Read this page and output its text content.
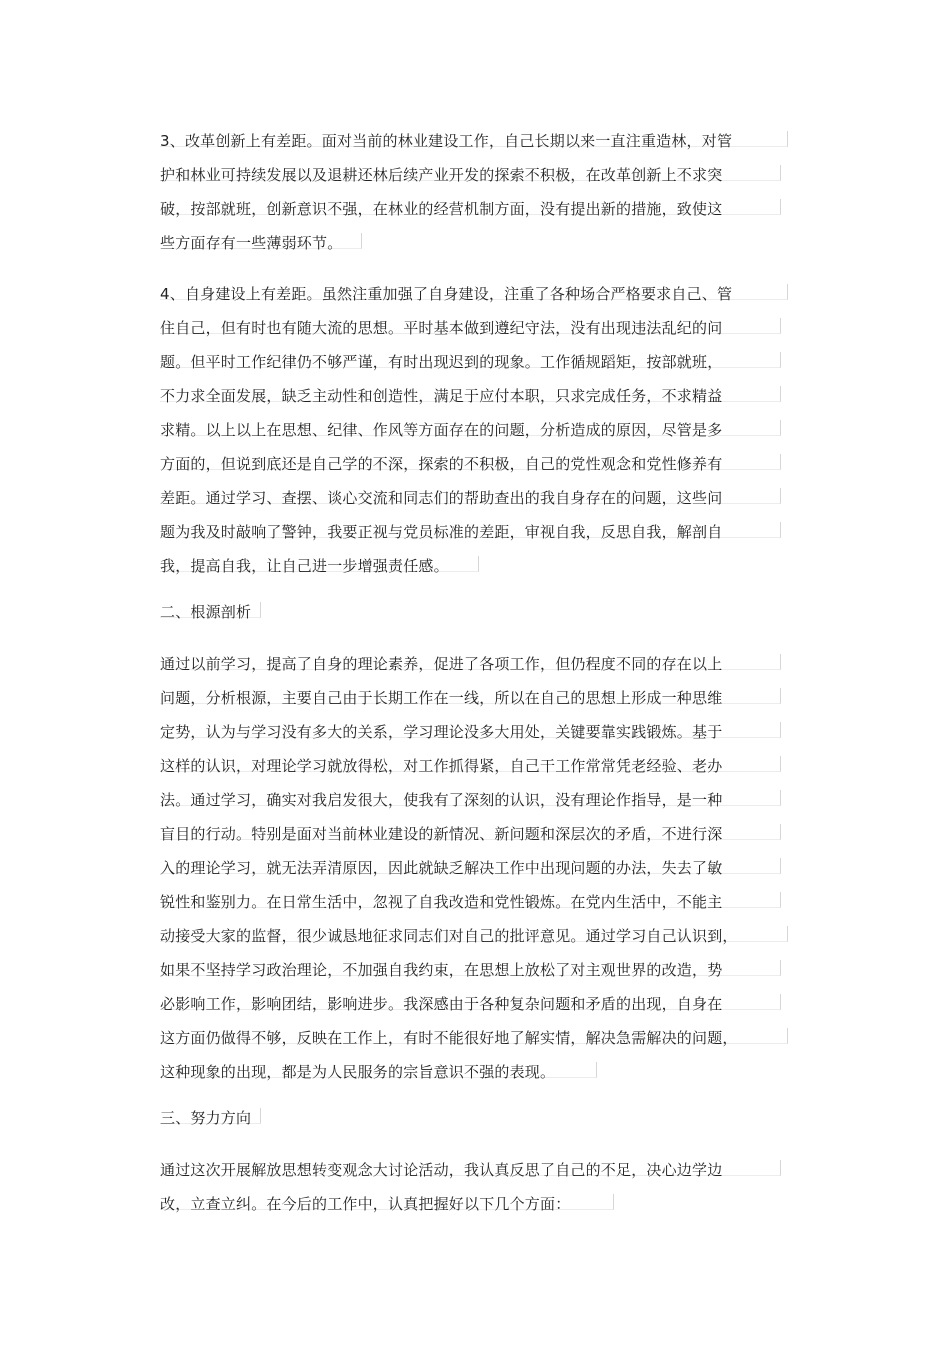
3、改革创新上有差距。面对当前的林业建设工作，自己长期以来一直注重造林，对管
护和林业可持续发展以及退耕还林后续产业开发的探索不积极，在改革创新上不求突
破，按部就班，创新意识不强，在林业的经营机制方面，没有提出新的措施，致使这
些方面存有一些薄弱环节。
4、自身建设上有差距。虽然注重加强了自身建设，注重了各种场合严格要求自己、管
住自己，但有时也有随大流的思想。平时基本做到遵纪守法，没有出现违法乱纪的问
题。但平时工作纪律仍不够严谨，有时出现迟到的现象。工作循规蹈矩，按部就班，
不力求全面发展，缺乏主动性和创造性，满足于应付本职，只求完成任务，不求精益
求精。以上以上在思想、纪律、作风等方面存在的问题，分析造成的原因，尽管是多
方面的，但说到底还是自己学的不深，探索的不积极，自己的党性观念和党性修养有
差距。通过学习、查摆、谈心交流和同志们的帮助查出的我自身存在的问题，这些问
题为我及时敲响了警钟，我要正视与党员标准的差距，审视自我，反思自我，解剖自
我，提高自我，让自己进一步增强责任感。
二、根源剖析
通过以前学习，提高了自身的理论素养，促进了各项工作，但仍程度不同的存在以上
问题，分析根源，主要自己由于长期工作在一线，所以在自己的思想上形成一种思维
定势，认为与学习没有多大的关系，学习理论没多大用处，关键要靠实践锻炼。基于
这样的认识，对理论学习就放得松，对工作抓得紧，自己干工作常常凭老经验、老办
法。通过学习，确实对我启发很大，使我有了深刻的认识，没有理论作指导，是一种
盲目的行动。特别是面对当前林业建设的新情况、新问题和深层次的矛盾，不进行深
入的理论学习，就无法弄清原因，因此就缺乏解决工作中出现问题的办法，失去了敏
锐性和鉴别力。在日常生活中，忽视了自我改造和党性锻炼。在党内生活中，不能主
动接受大家的监督，很少诚恳地征求同志们对自己的批评意见。通过学习自己认识到，
如果不坚持学习政治理论，不加强自我约束，在思想上放松了对主观世界的改造，势
必影响工作，影响团结，影响进步。我深感由于各种复杂问题和矛盾的出现，自身在
这方面仍做得不够，反映在工作上，有时不能很好地了解实情，解决急需解决的问题，
这种现象的出现，都是为人民服务的宗旨意识不强的表现。
三、努力方向
通过这次开展解放思想转变观念大讨论活动，我认真反思了自己的不足，决心边学边
改，立查立纠。在今后的工作中，认真把握好以下几个方面：
